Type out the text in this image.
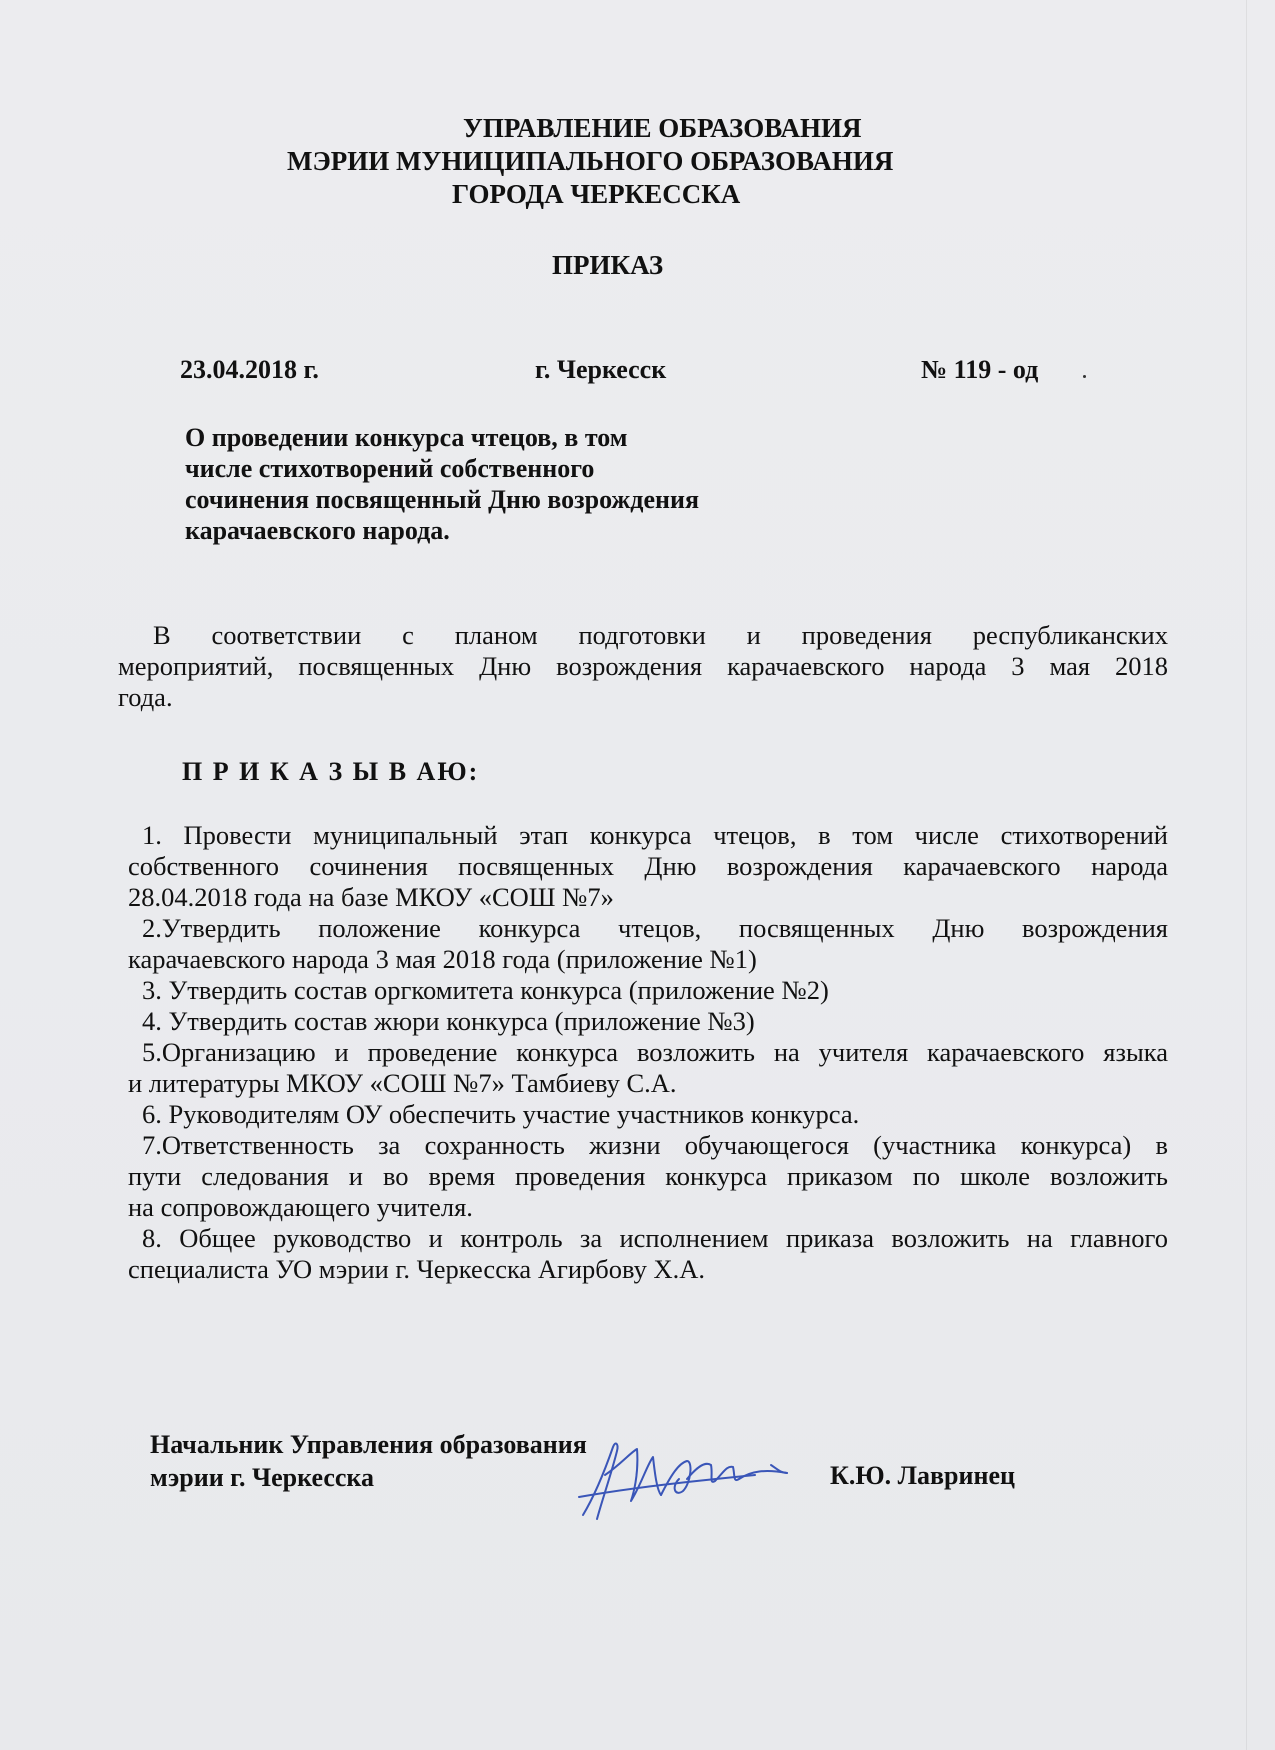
УПРАВЛЕНИЕ ОБРАЗОВАНИЯ
МЭРИИ МУНИЦИПАЛЬНОГО ОБРАЗОВАНИЯ
ГОРОДА ЧЕРКЕССКА
ПРИКАЗ
23.04.2018 г.	г. Черкесск	№ 119 - од
О проведении конкурса чтецов, в том
числе стихотворений собственного
сочинения посвященный Дню возрождения
карачаевского народа.
В соответствии с планом подготовки и проведения республиканских
мероприятий, посвященных Дню возрождения карачаевского народа 3 мая 2018
года.
П Р И К А З Ы В АЮ:
1. Провести муниципальный этап конкурса чтецов, в том числе стихотворений
собственного сочинения посвященных Дню возрождения карачаевского народа
28.04.2018 года на базе МКОУ «СОШ №7»
2.Утвердить положение конкурса чтецов, посвященных Дню возрождения
карачаевского народа 3 мая 2018 года (приложение №1)
3. Утвердить состав оргкомитета конкурса (приложение №2)
4. Утвердить состав жюри конкурса (приложение №3)
5.Организацию и проведение конкурса возложить на учителя карачаевского языка
и литературы МКОУ «СОШ №7» Тамбиеву С.А.
6. Руководителям ОУ обеспечить участие участников конкурса.
7.Ответственность за сохранность жизни обучающегося (участника конкурса) в
пути следования и во время проведения конкурса приказом по школе возложить
на сопровождающего учителя.
8. Общее руководство и контроль за исполнением приказа возложить на главного
специалиста УО мэрии г. Черкесска Агирбову Х.А.
Начальник Управления образования
мэрии г. Черкесска	К.Ю. Лавринец
